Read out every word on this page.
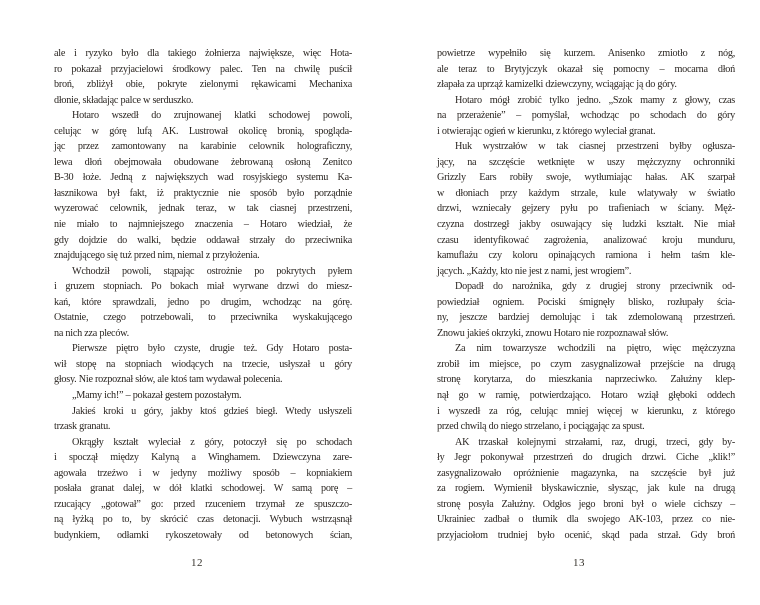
ale i ryzyko było dla takiego żołnierza największe, więc Hota-
ro pokazał przyjacielowi środkowy palec. Ten na chwilę puścił
broń, zbliżył obie, pokryte zielonymi rękawicami Mechanixa
dłonie, składając palce w serduszko.
Hotaro wszedł do zrujnowanej klatki schodowej powoli,
celując w górę lufą AK. Lustrował okolicę bronią, spogląda-
jąc przez zamontowany na karabinie celownik holograficzny,
lewa dłoń obejmowała obudowane żebrowaną osłoną Zenitco
B-30 łoże. Jedną z największych wad rosyjskiego systemu Ka-
łasznikowa był fakt, iż praktycznie nie sposób było porządnie
wyzerować celownik, jednak teraz, w tak ciasnej przestrzeni,
nie miało to najmniejszego znaczenia – Hotaro wiedział, że
gdy dojdzie do walki, będzie oddawał strzały do przeciwnika
znajdującego się tuż przed nim, niemal z przyłożenia.
Wchodził powoli, stąpając ostrożnie po pokrytych pyłem
i gruzem stopniach. Po bokach miał wyrwane drzwi do miesz-
kań, które sprawdzali, jedno po drugim, wchodząc na górę.
Ostatnie, czego potrzebowali, to przeciwnika wyskakującego
na nich zza pleców.
Pierwsze piętro było czyste, drugie też. Gdy Hotaro posta-
wił stopę na stopniach wiodących na trzecie, usłyszał u góry
głosy. Nie rozpoznał słów, ale ktoś tam wydawał polecenia.
„Mamy ich!” – pokazał gestem pozostałym.
Jakieś kroki u góry, jakby ktoś gdzieś biegł. Wtedy usłyszeli
trzask granatu.
Okrągły kształt wyleciał z góry, potoczył się po schodach
i spoczął między Kalyną a Winghamem. Dziewczyna zare-
agowała trzeźwo i w jedyny możliwy sposób – kopniakiem
posłała granat dalej, w dół klatki schodowej. W samą porę –
rzucający „gotował” go: przed rzuceniem trzymał ze spuszczo-
ną łyżką po to, by skrócić czas detonacji. Wybuch wstrząsnął
budynkiem, odłamki rykoszetowały od betonowych ścian,
powietrze wypełniło się kurzem. Anisenko zmiotło z nóg,
ale teraz to Brytyjczyk okazał się pomocny – mocarna dłoń
złapała za uprząż kamizelki dziewczyny, wciągając ją do góry.
Hotaro mógł zrobić tylko jedno. „Szok mamy z głowy, czas
na przerażenie” – pomyślał, wchodząc po schodach do góry
i otwierając ogień w kierunku, z którego wyleciał granat.
Huk wystrzałów w tak ciasnej przestrzeni byłby ogłusza-
jący, na szczęście wetknięte w uszy mężczyzny ochronniki
Grizzly Ears robiły swoje, wytłumiając hałas. AK szarpał
w dłoniach przy każdym strzale, kule wlatywały w światło
drzwi, wzniecały gejzery pyłu po trafieniach w ściany. Męż-
czyzna dostrzegł jakby osuwający się ludzki kształt. Nie miał
czasu identyfikować zagrożenia, analizować kroju munduru,
kamuflażu czy koloru opinających ramiona i hełm taśm kle-
jących. „Każdy, kto nie jest z nami, jest wrogiem”.
Dopadł do narożnika, gdy z drugiej strony przeciwnik od-
powiedział ogniem. Pociski śmignęły blisko, rozłupały ścia-
ny, jeszcze bardziej demolując i tak zdemolowaną przestrzeń.
Znowu jakieś okrzyki, znowu Hotaro nie rozpoznawał słów.
Za nim towarzysze wchodzili na piętro, więc mężczyzna
zrobił im miejsce, po czym zasygnalizował przejście na drugą
stronę korytarza, do mieszkania naprzeciwko. Załużny klep-
nął go w ramię, potwierdzająco. Hotaro wziął głęboki oddech
i wyszedł za róg, celując mniej więcej w kierunku, z którego
przed chwilą do niego strzelano, i pociągając za spust.
AK trzaskał kolejnymi strzałami, raz, drugi, trzeci, gdy by-
ły Jegr pokonywał przestrzeń do drugich drzwi. Ciche „klik!”
zasygnalizowało opróżnienie magazynka, na szczęście był już
za rogiem. Wymienił błyskawicznie, słysząc, jak kule na drugą
stronę posyła Załużny. Odgłos jego broni był o wiele cichszy –
Ukrainiec zadbał o tłumik dla swojego AK-103, przez co nie-
przyjaciołom trudniej było ocenić, skąd pada strzał. Gdy broń
12	13
